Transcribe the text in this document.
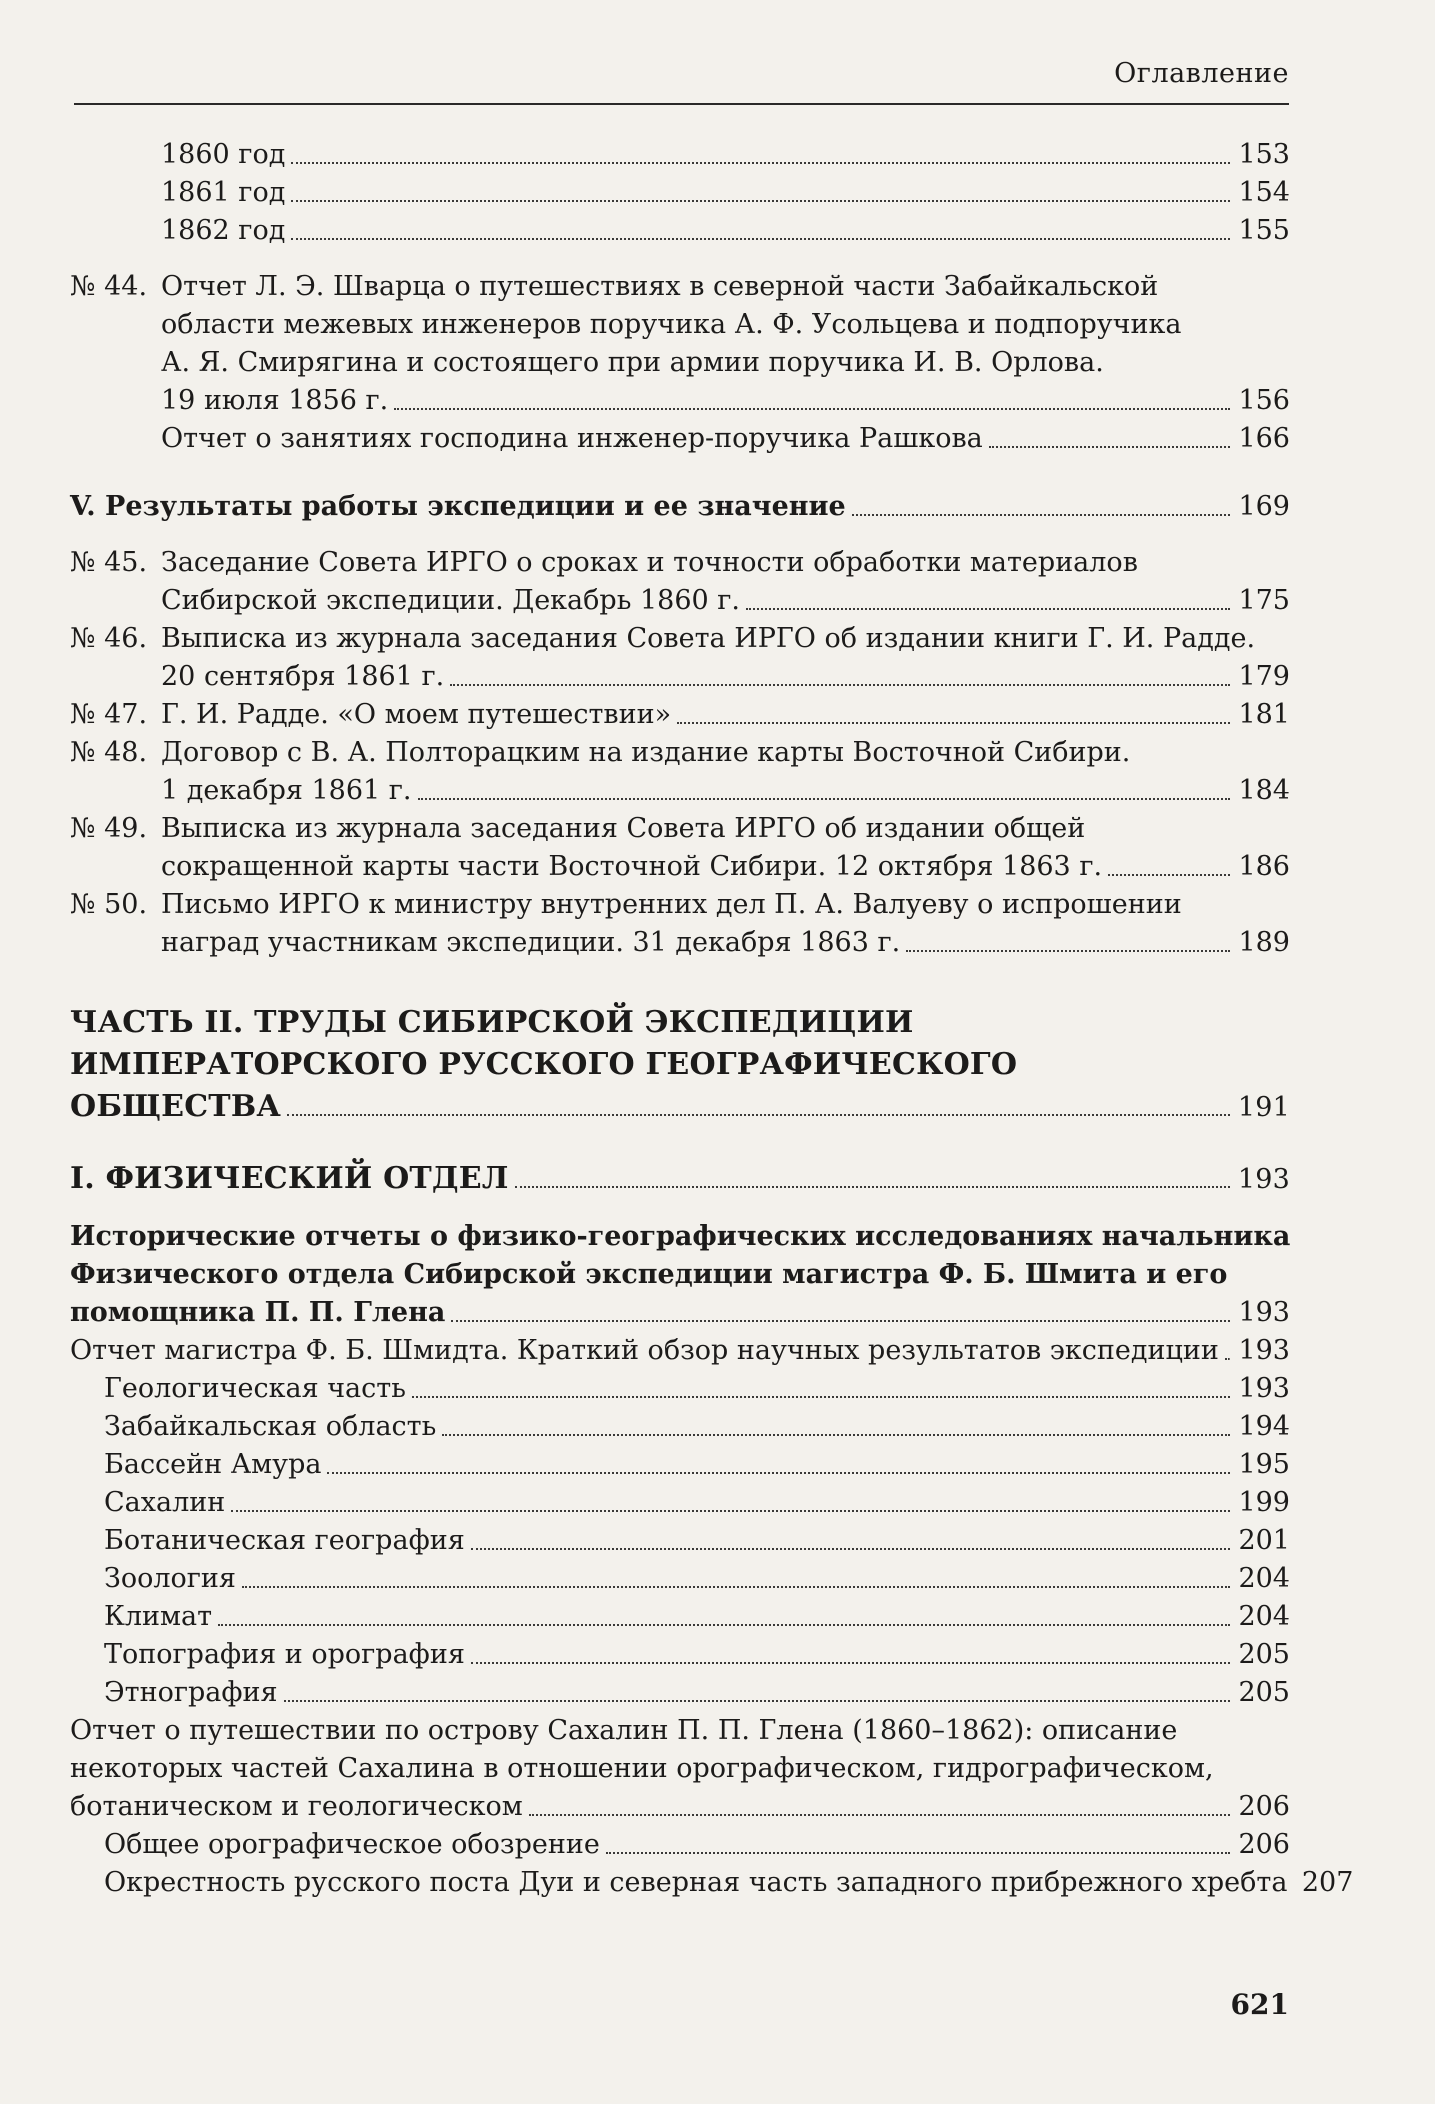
Оглавление
1860 год	153
1861 год	154
1862 год	155
№ 44. Отчет Л. Э. Шварца о путешествиях в северной части Забайкальской
области межевых инженеров поручика А. Ф. Усольцева и подпоручика
А. Я. Смирягина и состоящего при армии поручика И. В. Орлова.
19 июля 1856 г.	156
Отчет о занятиях господина инженер-поручика Рашкова	166
V. Результаты работы экспедиции и ее значение	169
№ 45. Заседание Совета ИРГО о сроках и точности обработки материалов
Сибирской экспедиции. Декабрь 1860 г.	175
№ 46. Выписка из журнала заседания Совета ИРГО об издании книги Г. И. Радде.
20 сентября 1861 г.	179
№ 47. Г. И. Радде. «О моем путешествии»	181
№ 48. Договор с В. А. Полторацким на издание карты Восточной Сибири.
1 декабря 1861 г.	184
№ 49. Выписка из журнала заседания Совета ИРГО об издании общей
сокращенной карты части Восточной Сибири. 12 октября 1863 г.	186
№ 50. Письмо ИРГО к министру внутренних дел П. А. Валуеву о испрошении
наград участникам экспедиции. 31 декабря 1863 г.	189
ЧАСТЬ II. ТРУДЫ СИБИРСКОЙ ЭКСПЕДИЦИИ
ИМПЕРАТОРСКОГО РУССКОГО ГЕОГРАФИЧЕСКОГО
ОБЩЕСТВА	191
I. ФИЗИЧЕСКИЙ ОТДЕЛ	193
Исторические отчеты о физико-географических исследованиях начальника
Физического отдела Сибирской экспедиции магистра Ф. Б. Шмита и его
помощника П. П. Глена	193
Отчет магистра Ф. Б. Шмидта. Краткий обзор научных результатов экспедиции 193
Геологическая часть	193
Забайкальская область	194
Бассейн Амура	195
Сахалин	199
Ботаническая география	201
Зоология	204
Климат	204
Топография и орография	205
Этнография	205
Отчет о путешествии по острову Сахалин П. П. Глена (1860–1862): описание
некоторых частей Сахалина в отношении орографическом, гидрографическом,
ботаническом и геологическом	206
Общее орографическое обозрение	206
Окрестность русского поста Дуи и северная часть западного прибрежного хребта 207
621
